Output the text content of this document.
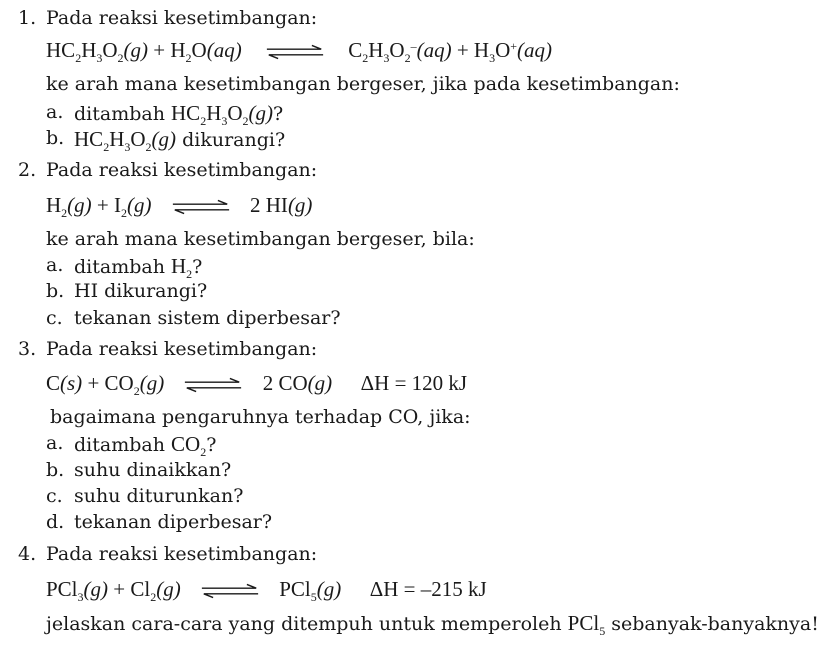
1. Pada reaksi kesetimbangan:
$HC_2H_3O_2(g) + H_2O(aq)$	$C_2H_3O_2^-(aq) + H_3O^+(aq)$
ke arah mana kesetimbangan bergeser, jika pada kesetimbangan:
a. ditambah $HC_2H_3O_2(g)$?
b. $HC_2H_3O_2(g)$ dikurangi?
2. Pada reaksi kesetimbangan:
$H_2(g) + I_2(g)$	2 HI(g)
ke arah mana kesetimbangan bergeser, bila:
a. ditambah $H_2$?
b. HI dikurangi?
c. tekanan sistem diperbesar?
3. Pada reaksi kesetimbangan:
$C(s) + CO_2(g)$	2 CO(g) ΔH = 120 kJ
bagaimana pengaruhnya terhadap CO, jika:
a. ditambah $CO_2$?
b. suhu dinaikkan?
c. suhu diturunkan?
d. tekanan diperbesar?
4. Pada reaksi kesetimbangan:
$PCl_3(g) + Cl_2(g)$	PCl$_5$(g) ΔH = –215 kJ
jelaskan cara-cara yang ditempuh untuk memperoleh PCl$_5$ sebanyak-banyaknya!
